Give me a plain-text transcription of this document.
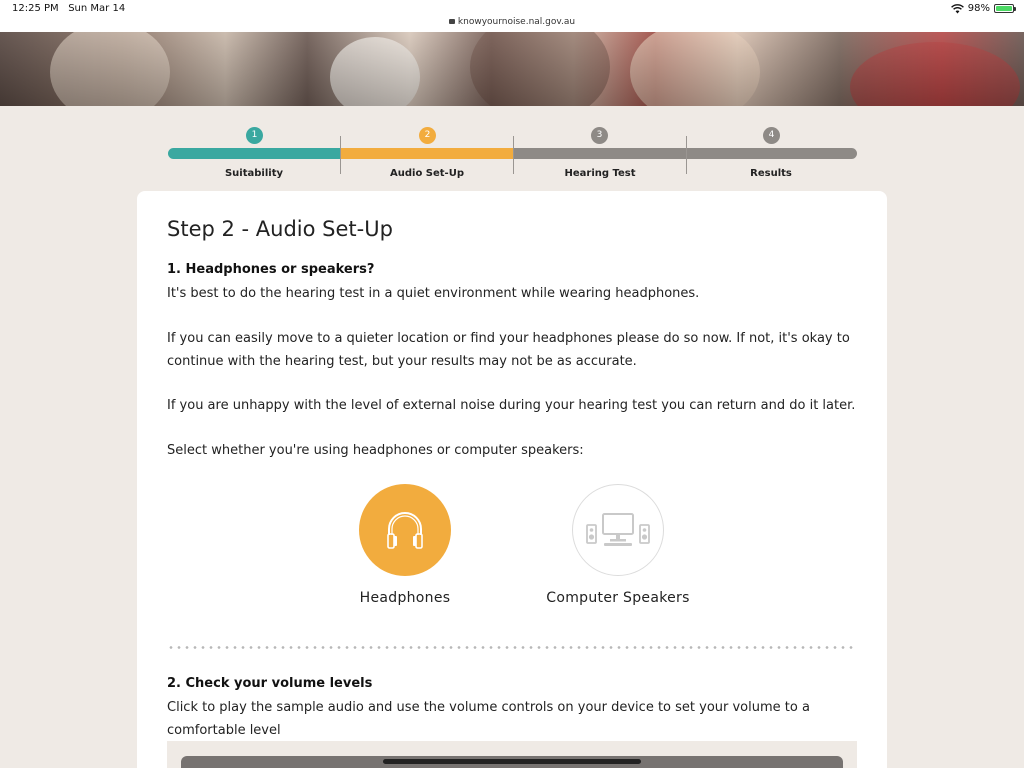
12:25 PM Sun Mar 14
knowyournoise.nal.gov.au
98%
1	2	3	4
Suitability	Audio Set-Up	Hearing Test	Results
Step 2 - Audio Set-Up
1. Headphones or speakers?
It's best to do the hearing test in a quiet environment while wearing headphones.
If you can easily move to a quieter location or find your headphones please do so now. If not, it's okay to continue with the hearing test, but your results may not be as accurate.
If you are unhappy with the level of external noise during your hearing test you can return and do it later.
Select whether you're using headphones or computer speakers:
Headphones	Computer Speakers
2. Check your volume levels
Click to play the sample audio and use the volume controls on your device to set your volume to a comfortable level
